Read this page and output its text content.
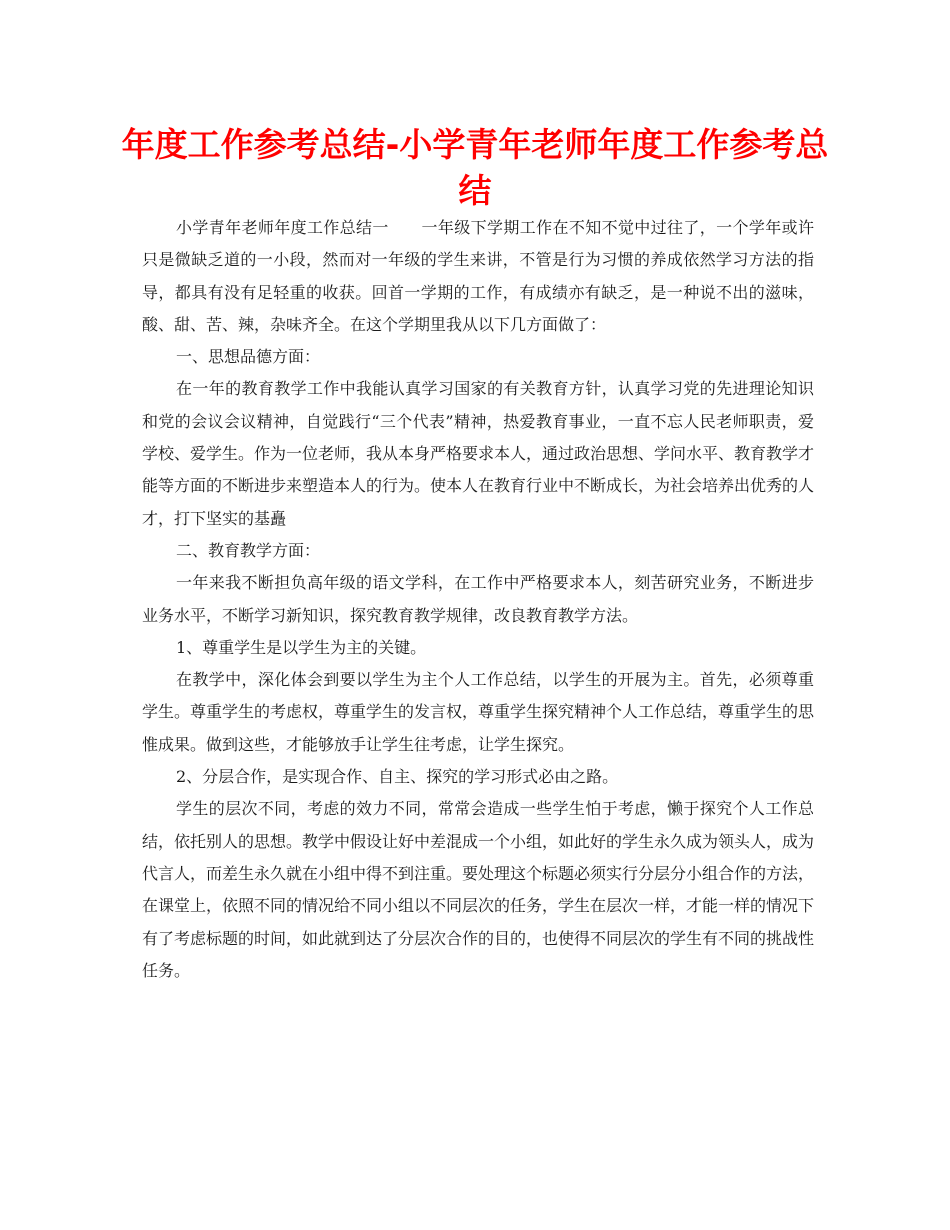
年度工作参考总结-小学青年老师年度工作参考总结

小学青年老师年度工作总结一　　一年级下学期工作在不知不觉中过往了，一个学年或许只是微缺乏道的一小段，然而对一年级的学生来讲，不管是行为习惯的养成依然学习方法的指导，都具有没有足轻重的收获。回首一学期的工作，有成绩亦有缺乏，是一种说不出的滋味，酸、甜、苦、辣，杂味齐全。在这个学期里我从以下几方面做了：

一、思想品德方面：

在一年的教育教学工作中我能认真学习国家的有关教育方针，认真学习党的先进理论知识和党的会议会议精神，自觉践行“三个代表”精神，热爱教育事业，一直不忘人民老师职责，爱学校、爱学生。作为一位老师，我从本身严格要求本人，通过政治思想、学问水平、教育教学才能等方面的不断进步来塑造本人的行为。使本人在教育行业中不断成长，为社会培养出优秀的人才，打下坚实的基矗

二、教育教学方面：

一年来我不断担负高年级的语文学科，在工作中严格要求本人，刻苦研究业务，不断进步业务水平，不断学习新知识，探究教育教学规律，改良教育教学方法。

1、尊重学生是以学生为主的关键。

在教学中，深化体会到要以学生为主个人工作总结，以学生的开展为主。首先，必须尊重学生。尊重学生的考虑权，尊重学生的发言权，尊重学生探究精神个人工作总结，尊重学生的思惟成果。做到这些，才能够放手让学生往考虑，让学生探究。

2、分层合作，是实现合作、自主、探究的学习形式必由之路。

学生的层次不同，考虑的效力不同，常常会造成一些学生怕于考虑，懒于探究个人工作总结，依托别人的思想。教学中假设让好中差混成一个小组，如此好的学生永久成为领头人，成为代言人，而差生永久就在小组中得不到注重。要处理这个标题必须实行分层分小组合作的方法，在课堂上，依照不同的情况给不同小组以不同层次的任务，学生在层次一样，才能一样的情况下有了考虑标题的时间，如此就到达了分层次合作的目的，也使得不同层次的学生有不同的挑战性任务。
